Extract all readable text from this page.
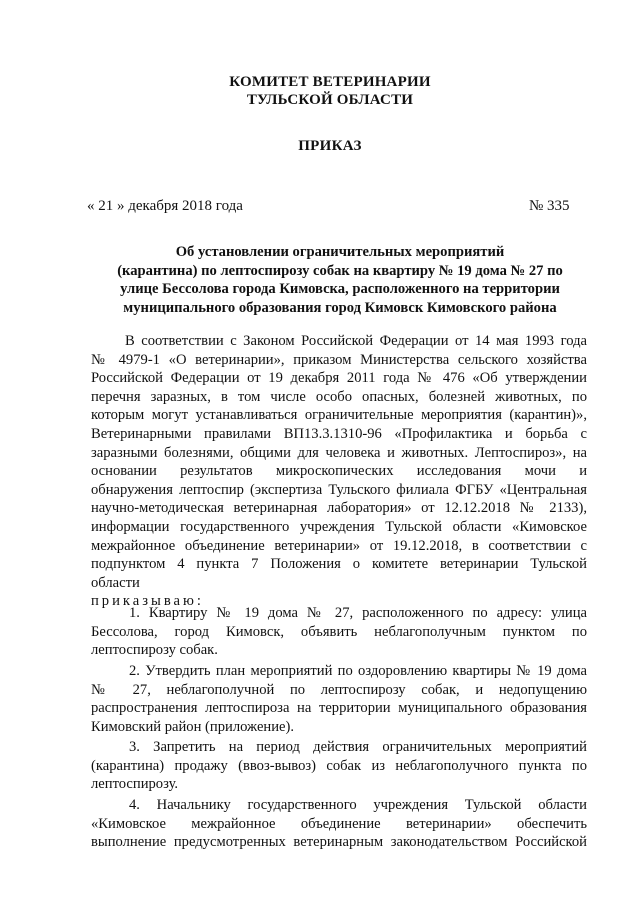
КОМИТЕТ ВЕТЕРИНАРИИ
ТУЛЬСКОЙ ОБЛАСТИ
ПРИКАЗ
« 21 » декабря 2018 года	№ 335
Об установлении ограничительных мероприятий
(карантина) по лептоспирозу собак на квартиру № 19 дома № 27 по
улице Бессолова города Кимовска, расположенного на территории
муниципального образования город Кимовск Кимовского района
В соответствии с Законом Российской Федерации от 14 мая 1993 года
№ 4979-1 «О ветеринарии», приказом Министерства сельского хозяйства
Российской Федерации от 19 декабря 2011 года № 476 «Об утверждении
перечня заразных, в том числе особо опасных, болезней животных, по
которым могут устанавливаться ограничительные мероприятия (карантин)»,
Ветеринарными правилами ВП13.3.1310-96 «Профилактика и борьба с
заразными болезнями, общими для человека и животных. Лептоспироз», на
основании результатов микроскопических исследования мочи и
обнаружения лептоспир (экспертиза Тульского филиала ФГБУ «Центральная
научно-методическая ветеринарная лаборатория» от 12.12.2018 № 2133),
информации государственного учреждения Тульской области «Кимовское
межрайонное объединение ветеринарии» от 19.12.2018, в соответствии с
подпунктом 4 пункта 7 Положения о комитете ветеринарии Тульской
области
приказываю:
1. Квартиру № 19 дома № 27, расположенного по адресу: улица
Бессолова, город Кимовск, объявить неблагополучным пунктом по
лептоспирозу собак.
2. Утвердить план мероприятий по оздоровлению квартиры № 19 дома
№ 27, неблагополучной по лептоспирозу собак, и недопущению
распространения лептоспироза на территории муниципального образования
Кимовский район (приложение).
3. Запретить на период действия ограничительных мероприятий
(карантина) продажу (ввоз-вывоз) собак из неблагополучного пункта по
лептоспирозу.
4. Начальнику государственного учреждения Тульской области
«Кимовское межрайонное объединение ветеринарии» обеспечить
выполнение предусмотренных ветеринарным законодательством Российской
